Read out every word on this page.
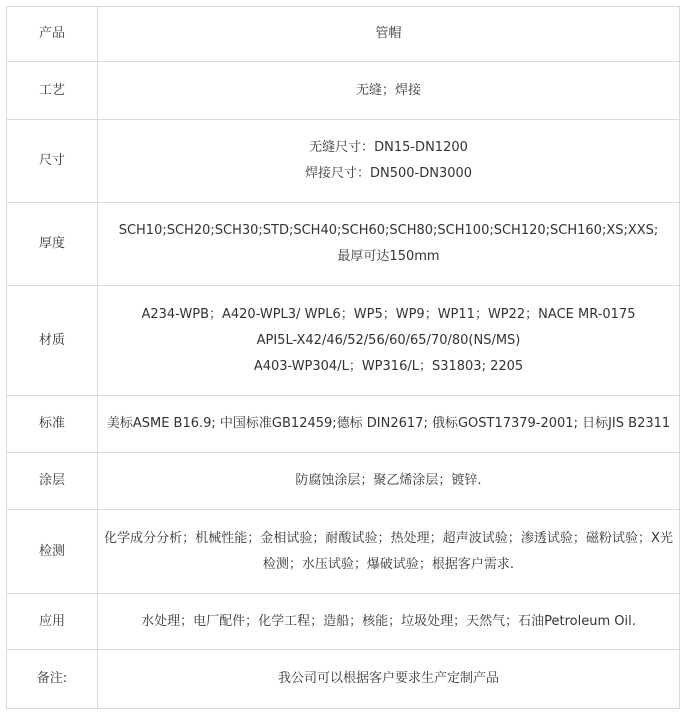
产品	管帽

工艺	无缝；焊接

尺寸	无缝尺寸：DN15-DN1200
焊接尺寸：DN500-DN3000

厚度	SCH10;SCH20;SCH30;STD;SCH40;SCH60;SCH80;SCH100;SCH120;SCH160;XS;XXS;
最厚可达150mm

材质	A234-WPB；A420-WPL3/ WPL6；WP5；WP9；WP11；WP22；NACE MR-0175
API5L-X42/46/52/56/60/65/70/80(NS/MS)
A403-WP304/L；WP316/L；S31803; 2205

标准	美标ASME B16.9; 中国标准GB12459;德标 DIN2617; 俄标GOST17379-2001; 日标JIS B2311

涂层	防腐蚀涂层；聚乙烯涂层；镀锌.

检测	化学成分分析；机械性能；金相试验；耐酸试验；热处理；超声波试验；渗透试验；磁粉试验；X光检测；水压试验；爆破试验；根据客户需求.
应用	水处理；电厂配件；化学工程；造船；核能；垃圾处理；天然气；石油Petroleum Oil.

备注:	我公司可以根据客户要求生产定制产品
